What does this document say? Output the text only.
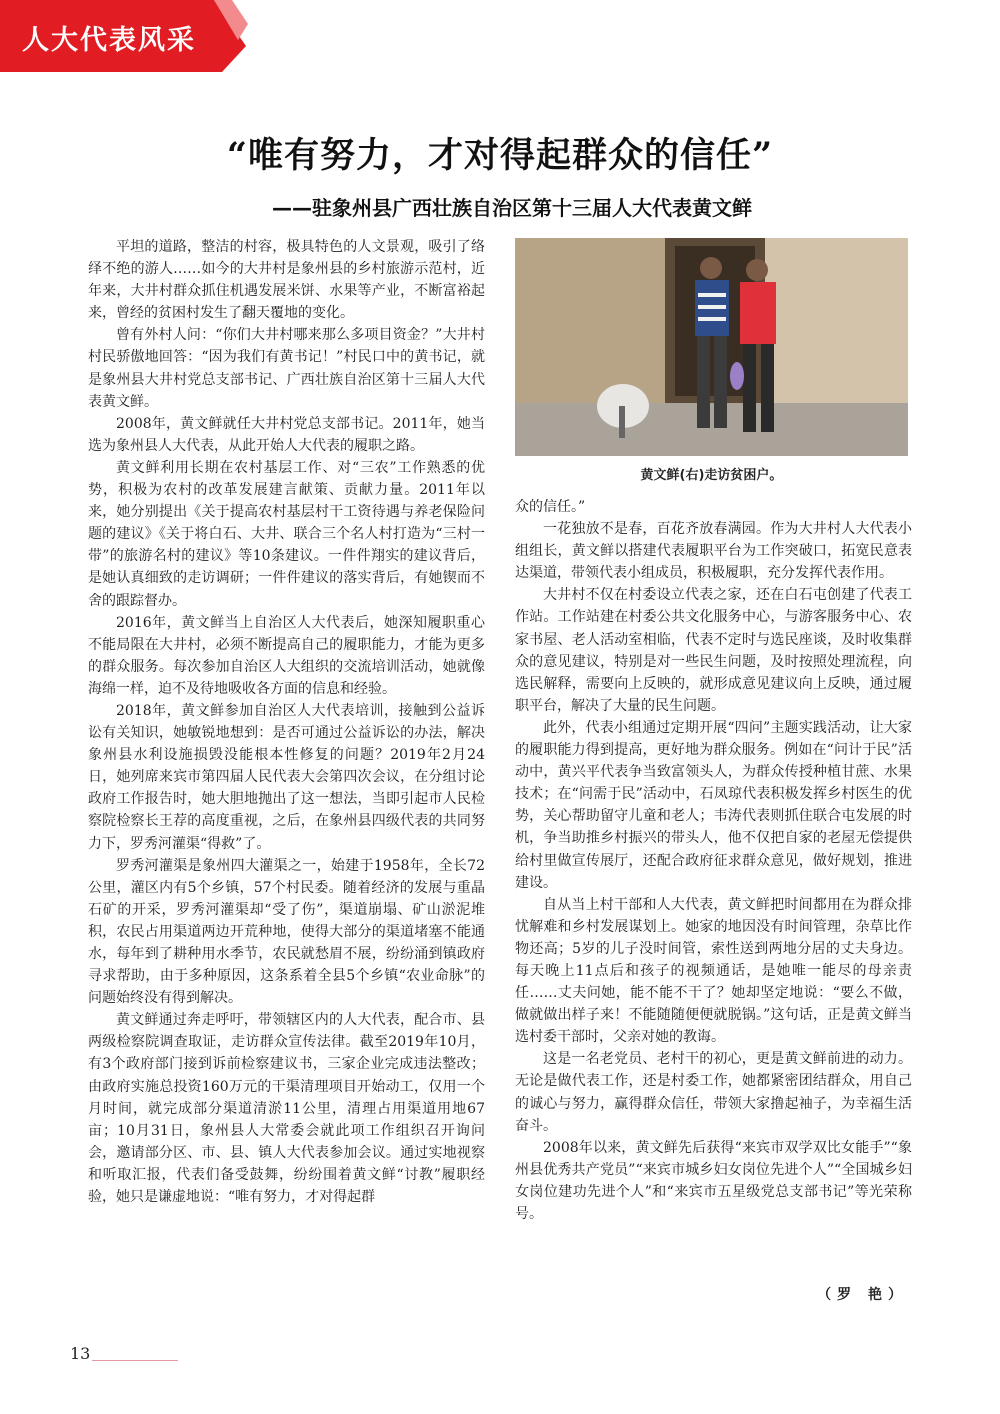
人大代表风采
“唯有努力，才对得起群众的信任”
——驻象州县广西壮族自治区第十三届人大代表黄文鲜

平坦的道路，整洁的村容，极具特色的人文景观，吸引了络绎不绝的游人……如今的大井村是象州县的乡村旅游示范村，近年来，大井村群众抓住机遇发展米饼、水果等产业，不断富裕起来，曾经的贫困村发生了翻天覆地的变化。

曾有外村人问：“你们大井村哪来那么多项目资金？”大井村村民骄傲地回答：“因为我们有黄书记！”村民口中的黄书记，就是象州县大井村党总支部书记、广西壮族自治区第十三届人大代表黄文鲜。

2008年，黄文鲜就任大井村党总支部书记。2011年，她当选为象州县人大代表，从此开始人大代表的履职之路。

黄文鲜利用长期在农村基层工作、对“三农”工作熟悉的优势，积极为农村的改革发展建言献策、贡献力量。2011年以来，她分别提出《关于提高农村基层村干工资待遇与养老保险问题的建议》《关于将白石、大井、联合三个名人村打造为“三村一带”的旅游名村的建议》等10条建议。一件件翔实的建议背后，是她认真细致的走访调研；一件件建议的落实背后，有她锲而不舍的跟踪督办。

2016年，黄文鲜当上自治区人大代表后，她深知履职重心不能局限在大井村，必须不断提高自己的履职能力，才能为更多的群众服务。每次参加自治区人大组织的交流培训活动，她就像海绵一样，迫不及待地吸收各方面的信息和经验。

2018年，黄文鲜参加自治区人大代表培训，接触到公益诉讼有关知识，她敏锐地想到：是否可通过公益诉讼的办法，解决象州县水利设施损毁没能根本性修复的问题？2019年2月24日，她列席来宾市第四届人民代表大会第四次会议，在分组讨论政府工作报告时，她大胆地抛出了这一想法，当即引起市人民检察院检察长王荐的高度重视，之后，在象州县四级代表的共同努力下，罗秀河灌渠“得救”了。

罗秀河灌渠是象州四大灌渠之一，始建于1958年，全长72公里，灌区内有5个乡镇，57个村民委。随着经济的发展与重晶石矿的开采，罗秀河灌渠却“受了伤”，渠道崩塌、矿山淤泥堆积，农民占用渠道两边开荒种地，使得大部分的渠道堵塞不能通水，每年到了耕种用水季节，农民就愁眉不展，纷纷涌到镇政府寻求帮助，由于多种原因，这条系着全县5个乡镇“农业命脉”的问题始终没有得到解决。

黄文鲜通过奔走呼吁，带领辖区内的人大代表，配合市、县两级检察院调查取证，走访群众宣传法律。截至2019年10月，有3个政府部门接到诉前检察建议书，三家企业完成违法整改；由政府实施总投资160万元的干渠清理项目开始动工，仅用一个月时间，就完成部分渠道清淤11公里，清理占用渠道用地67亩；10月31日，象州县人大常委会就此项工作组织召开询问会，邀请部分区、市、县、镇人大代表参加会议。通过实地视察和听取汇报，代表们备受鼓舞，纷纷围着黄文鲜“讨教”履职经验，她只是谦虚地说：“唯有努力，才对得起群

黄文鲜(右)走访贫困户。

众的信任。”

一花独放不是春，百花齐放春满园。作为大井村人大代表小组组长，黄文鲜以搭建代表履职平台为工作突破口，拓宽民意表达渠道，带领代表小组成员，积极履职，充分发挥代表作用。

大井村不仅在村委设立代表之家，还在白石屯创建了代表工作站。工作站建在村委公共文化服务中心，与游客服务中心、农家书屋、老人活动室相临，代表不定时与选民座谈，及时收集群众的意见建议，特别是对一些民生问题，及时按照处理流程，向选民解释，需要向上反映的，就形成意见建议向上反映，通过履职平台，解决了大量的民生问题。

此外，代表小组通过定期开展“四问”主题实践活动，让大家的履职能力得到提高，更好地为群众服务。例如在“问计于民”活动中，黄兴平代表争当致富领头人，为群众传授种植甘蔗、水果技术；在“问需于民”活动中，石凤琼代表积极发挥乡村医生的优势，关心帮助留守儿童和老人；韦涛代表则抓住联合屯发展的时机，争当助推乡村振兴的带头人，他不仅把自家的老屋无偿提供给村里做宣传展厅，还配合政府征求群众意见，做好规划，推进建设。

自从当上村干部和人大代表，黄文鲜把时间都用在为群众排忧解难和乡村发展谋划上。她家的地因没有时间管理，杂草比作物还高；5岁的儿子没时间管，索性送到两地分居的丈夫身边。每天晚上11点后和孩子的视频通话，是她唯一能尽的母亲责任……丈夫问她，能不能不干了？她却坚定地说：“要么不做，做就做出样子来！不能随随便便就脱锅。”这句话，正是黄文鲜当选村委干部时，父亲对她的教诲。

这是一名老党员、老村干的初心，更是黄文鲜前进的动力。无论是做代表工作，还是村委工作，她都紧密团结群众，用自己的诚心与努力，赢得群众信任，带领大家撸起袖子，为幸福生活奋斗。

2008年以来，黄文鲜先后获得“来宾市双学双比女能手”“象州县优秀共产党员”“来宾市城乡妇女岗位先进个人”“全国城乡妇女岗位建功先进个人”和“来宾市五星级党总支部书记”等光荣称号。

（罗 艳）
13
